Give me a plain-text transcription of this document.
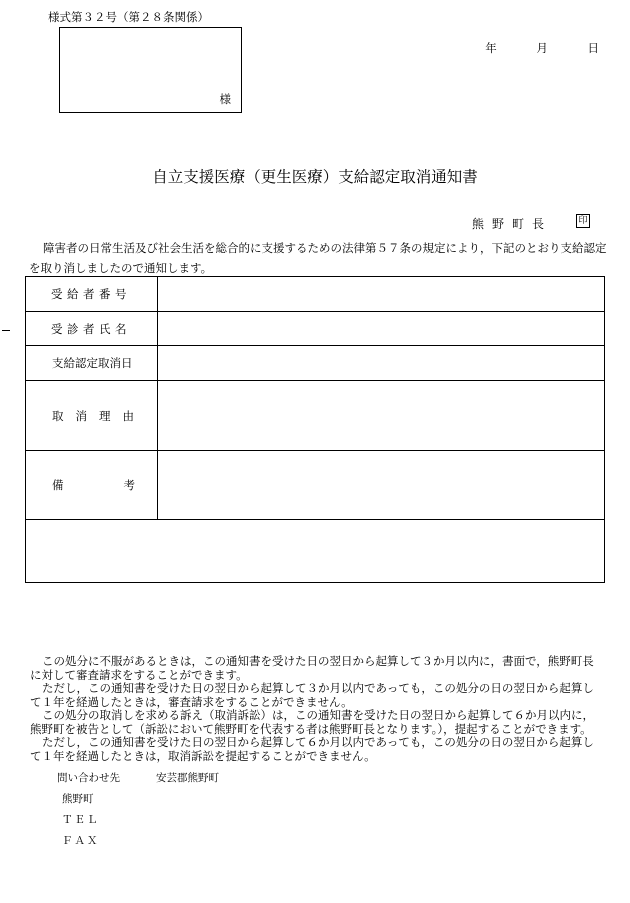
様式第３２号（第２８条関係）
様
年	月	日
自立支援医療（更生医療）支給認定取消通知書
熊野町長	印
障害者の日常生活及び社会生活を総合的に支援するための法律第５７条の規定により，下記のとおり支給認定を取り消しましたので通知します。
受給者番号
受診者氏名
支給認定取消日
取消理由
備考

この処分に不服があるときは，この通知書を受けた日の翌日から起算して３か月以内に，書面で，熊野町長に対して審査請求をすることができます。

ただし，この通知書を受けた日の翌日から起算して３か月以内であっても，この処分の日の翌日から起算して１年を経過したときは，審査請求をすることができません。

この処分の取消しを求める訴え（取消訴訟）は，この通知書を受けた日の翌日から起算して６か月以内に，熊野町を被告として（訴訟において熊野町を代表する者は熊野町長となります。），提起することができます。

ただし，この通知書を受けた日の翌日から起算して６か月以内であっても，この処分の日の翌日から起算して１年を経過したときは，取消訴訟を提起することができません。

問い合わせ先	安芸郡熊野町
熊野町
ＴＥＬ
ＦＡＸ
